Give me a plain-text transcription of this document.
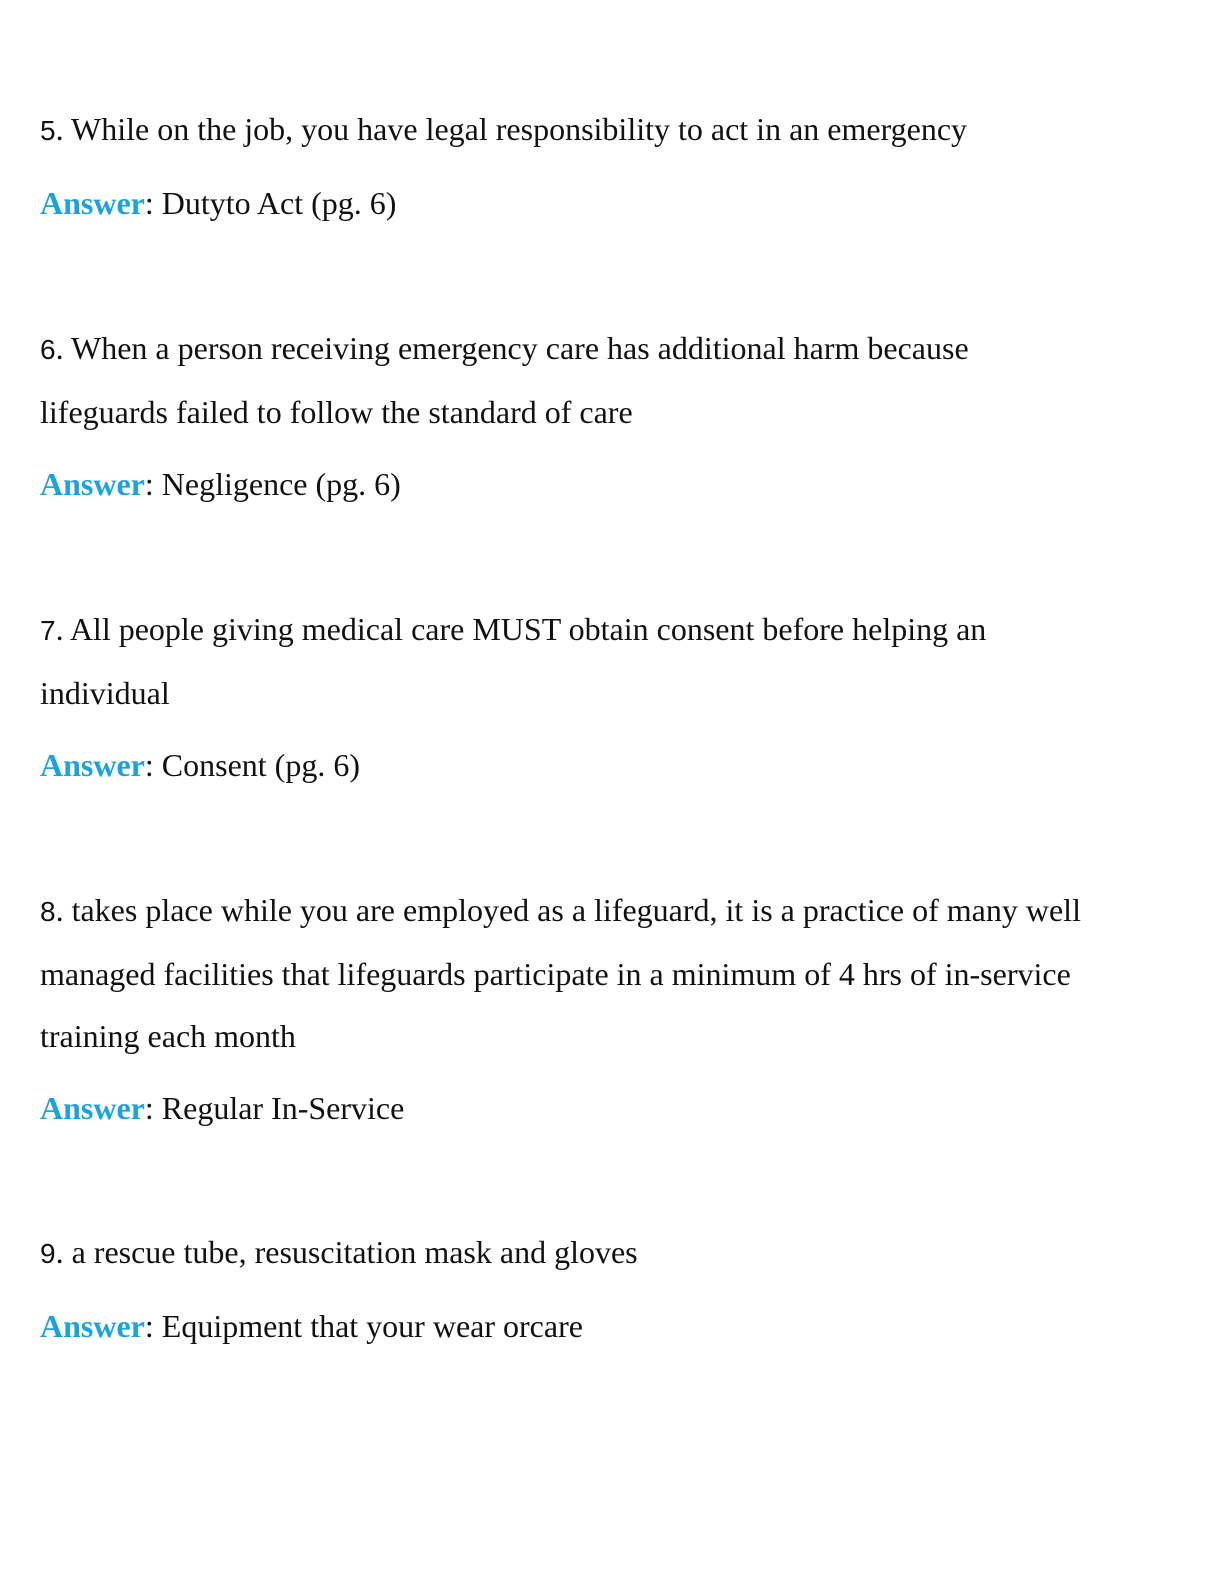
5. While on the job, you have legal responsibility to act in an emergency

Answer: Dutyto Act (pg. 6)

6. When a person receiving emergency care has additional harm because lifeguards failed to follow the standard of care

Answer: Negligence (pg. 6)

7. All people giving medical care MUST obtain consent before helping an individual

Answer: Consent (pg. 6)

8. takes place while you are employed as a lifeguard, it is a practice of many well managed facilities that lifeguards participate in a minimum of 4 hrs of in-service training each month

Answer: Regular In-Service

9. a rescue tube, resuscitation mask and gloves

Answer: Equipment that your wear orcare
